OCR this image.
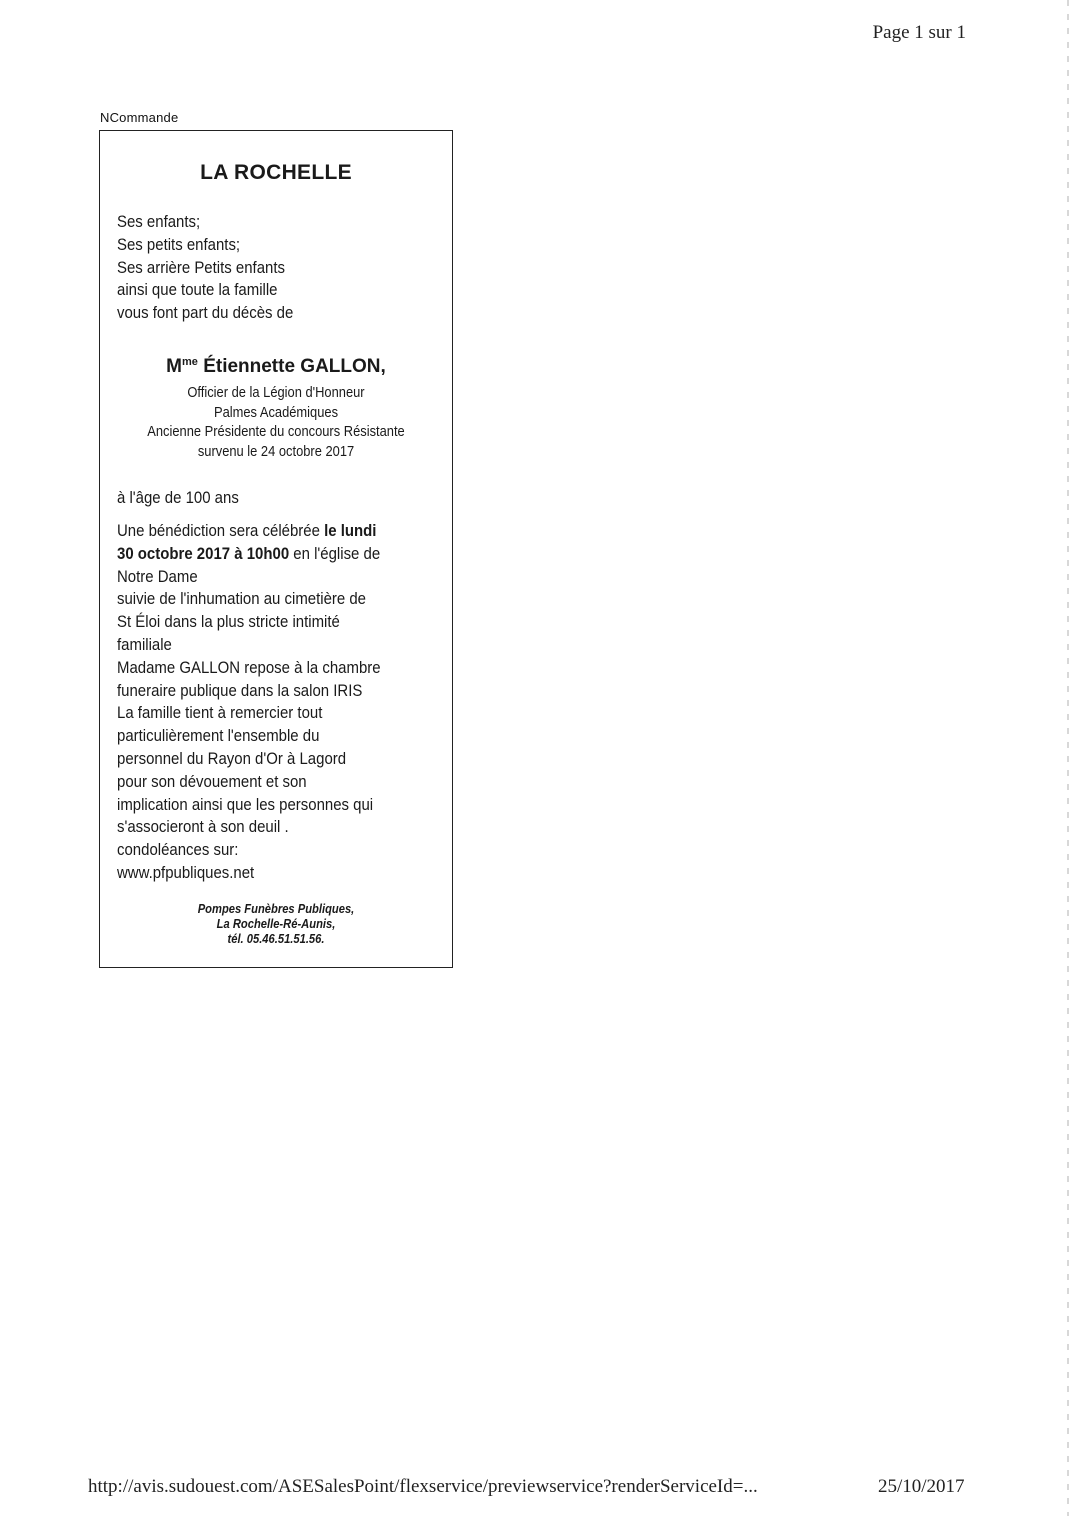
Page 1 sur 1
NCommande
LA ROCHELLE
Ses enfants;
Ses petits enfants;
Ses arrière Petits enfants
ainsi que toute la famille
vous font part du décès de
$M^{me}$ Étiennette GALLON,
Officier de la Légion d'Honneur
Palmes Académiques
Ancienne Présidente du concours Résistante
survenu le 24 octobre 2017
à l'âge de 100 ans
Une bénédiction sera célébrée le lundi
30 octobre 2017 à 10h00 en l'église de
Notre Dame
suivie de l'inhumation au cimetière de
St Éloi dans la plus stricte intimité
familiale
Madame GALLON repose à la chambre
funeraire publique dans la salon IRIS
La famille tient à remercier tout
particulièrement l'ensemble du
personnel du Rayon d'Or à Lagord
pour son dévouement et son
implication ainsi que les personnes qui
s'associeront à son deuil .
condoléances sur:
www.pfpubliques.net
Pompes Funèbres Publiques,
La Rochelle-Ré-Aunis,
tél. 05.46.51.51.56.
http://avis.sudouest.com/ASESalesPoint/flexservice/previewservice?renderServiceId=...	25/10/2017
